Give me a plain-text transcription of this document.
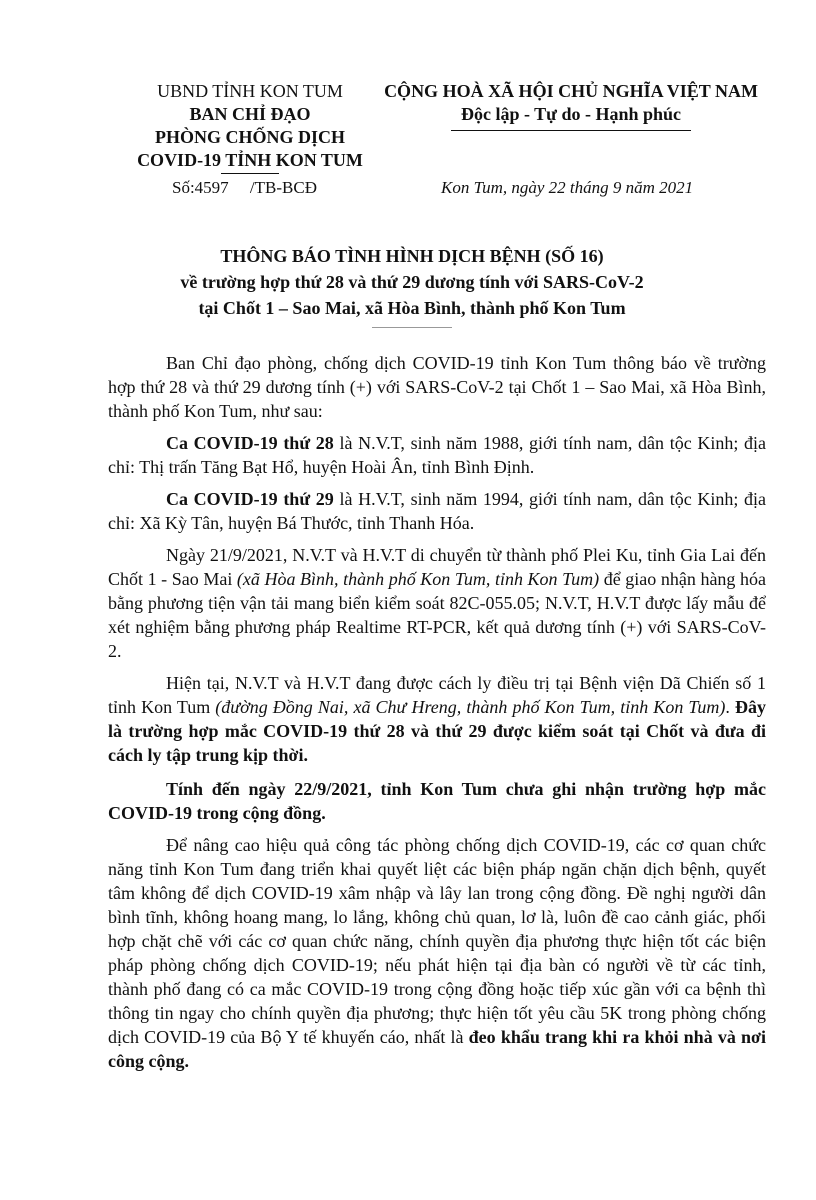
UBND TỈNH KON TUM
BAN CHỈ ĐẠO
PHÒNG CHỐNG DỊCH
COVID-19 TỈNH KON TUM
Số:4597     /TB-BCĐ
CỘNG HOÀ XÃ HỘI CHỦ NGHĨA VIỆT NAM
Độc lập - Tự do - Hạnh phúc
Kon Tum, ngày 22 tháng 9 năm 2021
THÔNG BÁO TÌNH HÌNH DỊCH BỆNH (SỐ 16)
về trường hợp thứ 28 và thứ 29 dương tính với SARS-CoV-2
tại Chốt 1 – Sao Mai, xã Hòa Bình, thành phố Kon Tum

Ban Chỉ đạo phòng, chống dịch COVID-19 tỉnh Kon Tum thông báo về trường hợp thứ 28 và thứ 29 dương tính (+) với SARS-CoV-2 tại Chốt 1 – Sao Mai, xã Hòa Bình, thành phố Kon Tum, như sau:

Ca COVID-19 thứ 28 là N.V.T, sinh năm 1988, giới tính nam, dân tộc Kinh; địa chỉ: Thị trấn Tăng Bạt Hổ, huyện Hoài Ân, tỉnh Bình Định.

Ca COVID-19 thứ 29 là H.V.T, sinh năm 1994, giới tính nam, dân tộc Kinh; địa chỉ: Xã Kỳ Tân, huyện Bá Thước, tỉnh Thanh Hóa.

Ngày 21/9/2021, N.V.T và H.V.T di chuyển từ thành phố Plei Ku, tỉnh Gia Lai đến Chốt 1 - Sao Mai (xã Hòa Bình, thành phố Kon Tum, tỉnh Kon Tum) để giao nhận hàng hóa bằng phương tiện vận tải mang biển kiểm soát 82C-055.05; N.V.T, H.V.T được lấy mẫu để xét nghiệm bằng phương pháp Realtime RT-PCR, kết quả dương tính (+) với SARS-CoV-2.

Hiện tại, N.V.T và H.V.T đang được cách ly điều trị tại Bệnh viện Dã Chiến số 1 tỉnh Kon Tum (đường Đồng Nai, xã Chư Hreng, thành phố Kon Tum, tỉnh Kon Tum). Đây là trường hợp mắc COVID-19 thứ 28 và thứ 29 được kiểm soát tại Chốt và đưa đi cách ly tập trung kịp thời.

Tính đến ngày 22/9/2021, tỉnh Kon Tum chưa ghi nhận trường hợp mắc COVID-19 trong cộng đồng.

Để nâng cao hiệu quả công tác phòng chống dịch COVID-19, các cơ quan chức năng tỉnh Kon Tum đang triển khai quyết liệt các biện pháp ngăn chặn dịch bệnh, quyết tâm không để dịch COVID-19 xâm nhập và lây lan trong cộng đồng. Đề nghị người dân bình tĩnh, không hoang mang, lo lắng, không chủ quan, lơ là, luôn đề cao cảnh giác, phối hợp chặt chẽ với các cơ quan chức năng, chính quyền địa phương thực hiện tốt các biện pháp phòng chống dịch COVID-19; nếu phát hiện tại địa bàn có người về từ các tỉnh, thành phố đang có ca mắc COVID-19 trong cộng đồng hoặc tiếp xúc gần với ca bệnh thì thông tin ngay cho chính quyền địa phương; thực hiện tốt yêu cầu 5K trong phòng chống dịch COVID-19 của Bộ Y tế khuyến cáo, nhất là đeo khẩu trang khi ra khỏi nhà và nơi công cộng.
